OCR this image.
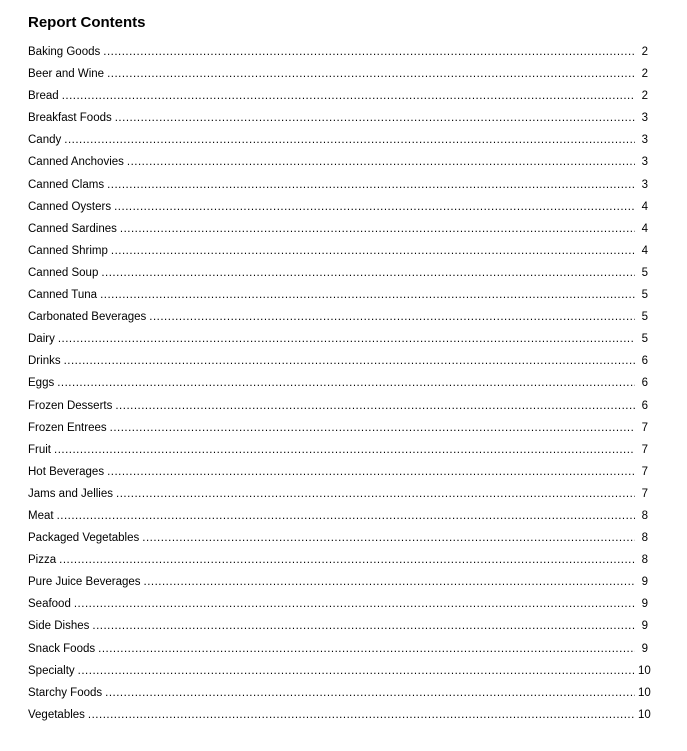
Report Contents
Baking Goods .....	2
Beer and Wine .....	2
Bread .....	2
Breakfast Foods .....	3
Candy .....	3
Canned Anchovies .....	3
Canned Clams .....	3
Canned Oysters .....	4
Canned Sardines .....	4
Canned Shrimp .....	4
Canned Soup .....	5
Canned Tuna .....	5
Carbonated Beverages .....	5
Dairy .....	5
Drinks .....	6
Eggs .....	6
Frozen Desserts .....	6
Frozen Entrees .....	7
Fruit .....	7
Hot Beverages .....	7
Jams and Jellies .....	7
Meat .....	8
Packaged Vegetables .....	8
Pizza .....	8
Pure Juice Beverages .....	9
Seafood .....	9
Side Dishes .....	9
Snack Foods .....	9
Specialty .....	10
Starchy Foods .....	10
Vegetables .....	10
